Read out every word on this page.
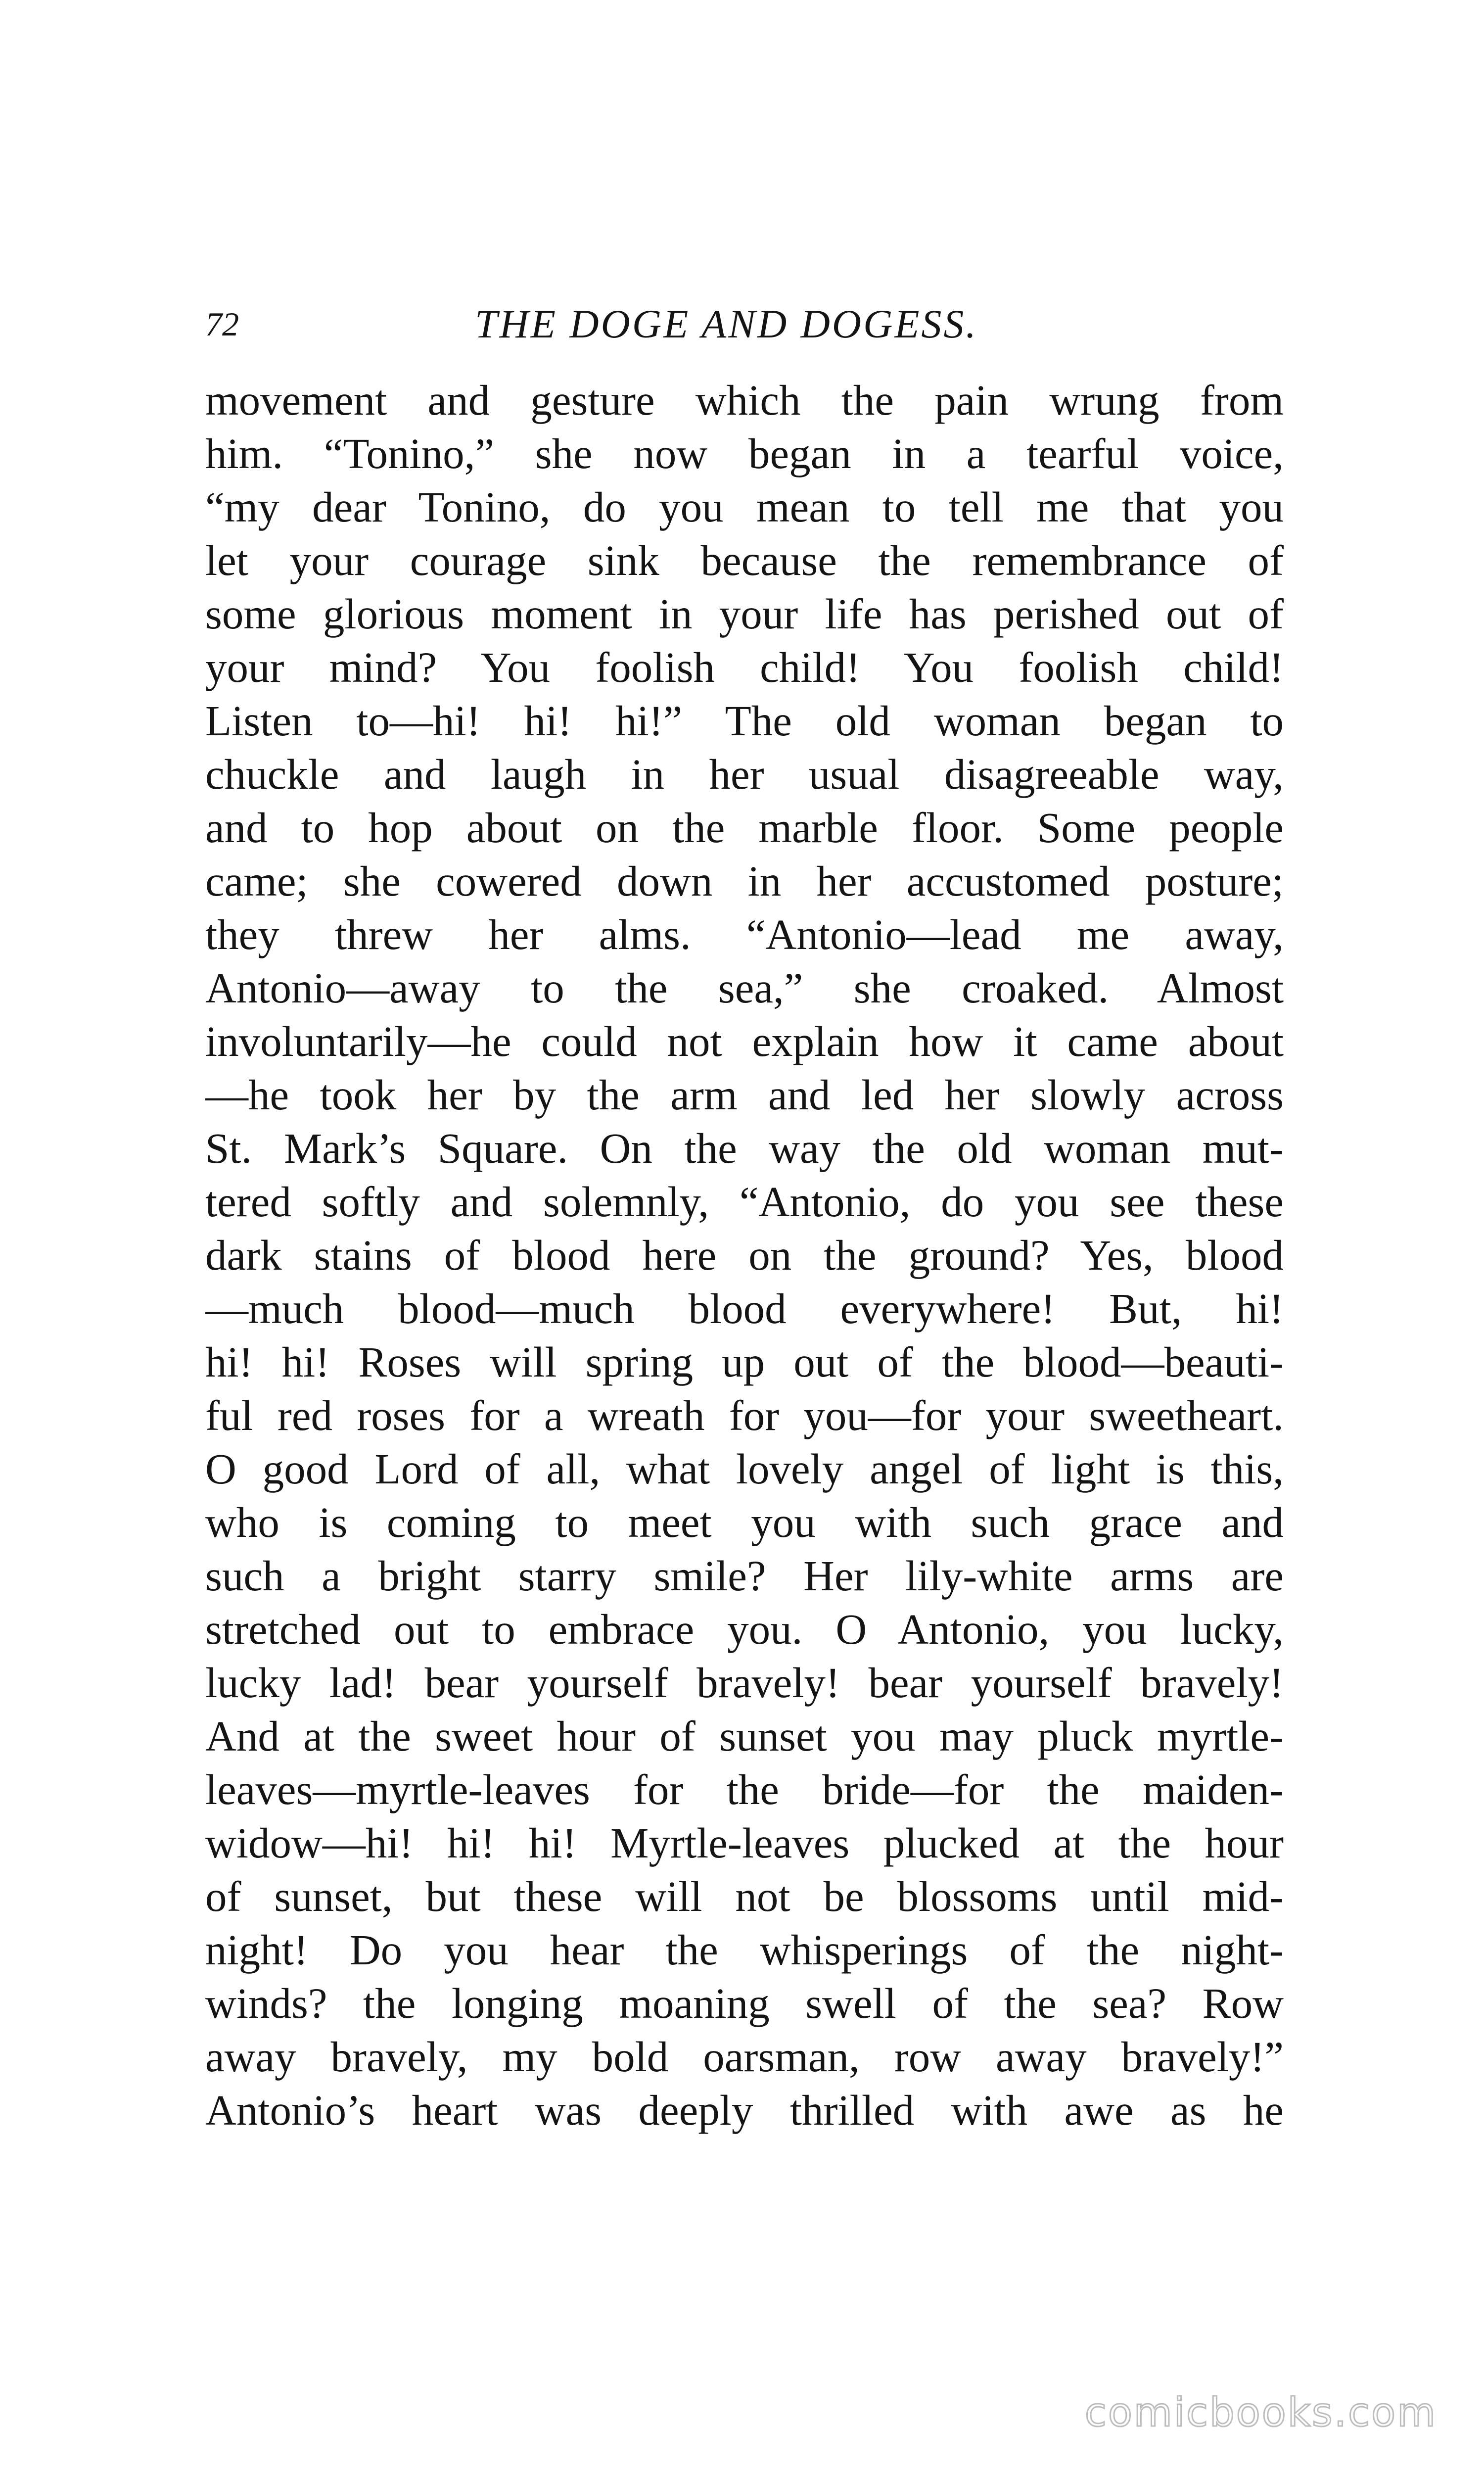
72	THE DOGE AND DOGESS.
movement and gesture which the pain wrung from
him. “Tonino,” she now began in a tearful voice,
“my dear Tonino, do you mean to tell me that you
let your courage sink because the remembrance of
some glorious moment in your life has perished out of
your mind? You foolish child! You foolish child!
Listen to—hi! hi! hi!” The old woman began to
chuckle and laugh in her usual disagreeable way,
and to hop about on the marble floor. Some people
came; she cowered down in her accustomed posture;
they threw her alms. “Antonio—lead me away,
Antonio—away to the sea,” she croaked. Almost
involuntarily—he could not explain how it came about
—he took her by the arm and led her slowly across
St. Mark’s Square. On the way the old woman mut-
tered softly and solemnly, “Antonio, do you see these
dark stains of blood here on the ground? Yes, blood
—much blood—much blood everywhere! But, hi!
hi! hi! Roses will spring up out of the blood—beauti-
ful red roses for a wreath for you—for your sweetheart.
O good Lord of all, what lovely angel of light is this,
who is coming to meet you with such grace and
such a bright starry smile? Her lily-white arms are
stretched out to embrace you. O Antonio, you lucky,
lucky lad! bear yourself bravely! bear yourself bravely!
And at the sweet hour of sunset you may pluck myrtle-
leaves—myrtle-leaves for the bride—for the maiden-
widow—hi! hi! hi! Myrtle-leaves plucked at the hour
of sunset, but these will not be blossoms until mid-
night! Do you hear the whisperings of the night-
winds? the longing moaning swell of the sea? Row
away bravely, my bold oarsman, row away bravely!”
Antonio’s heart was deeply thrilled with awe as he
comicbooks.com
